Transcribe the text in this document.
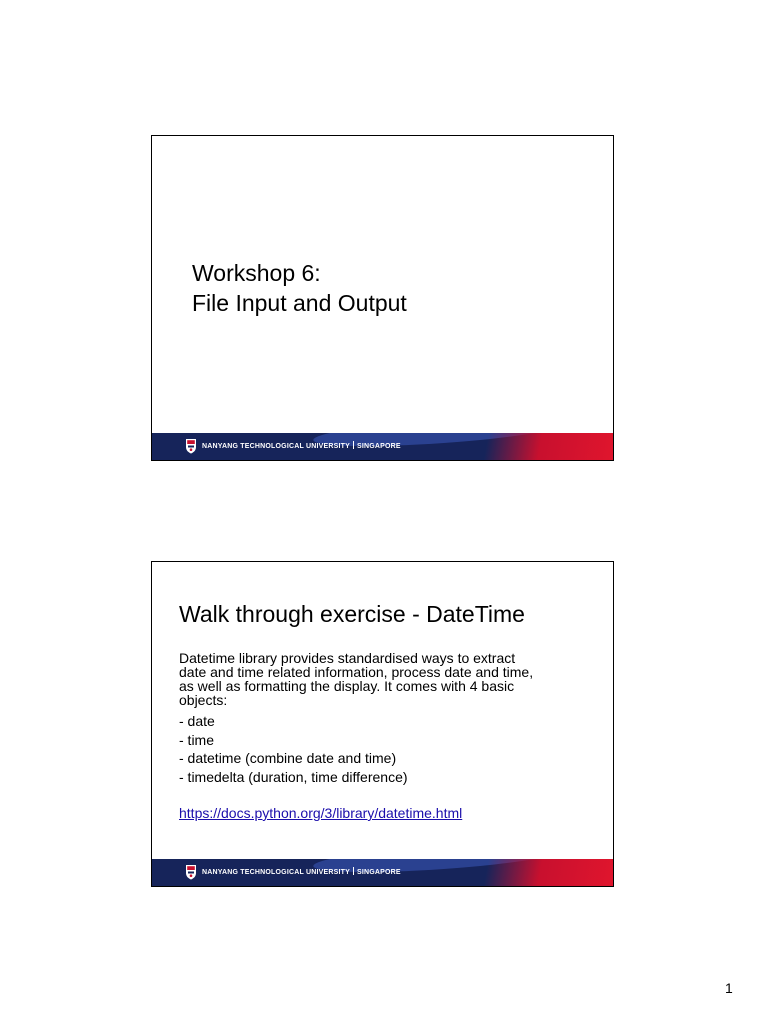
Workshop 6:
File Input and Output
NANYANG TECHNOLOGICAL UNIVERSITY SINGAPORE
Walk through exercise - DateTime

Datetime library provides standardised ways to extract
date and time related information, process date and time,
as well as formatting the display. It comes with 4 basic
objects:

- date
- time
- datetime (combine date and time)
- timedelta (duration, time difference)
https://docs.python.org/3/library/datetime.html
NANYANG TECHNOLOGICAL UNIVERSITY SINGAPORE
1
